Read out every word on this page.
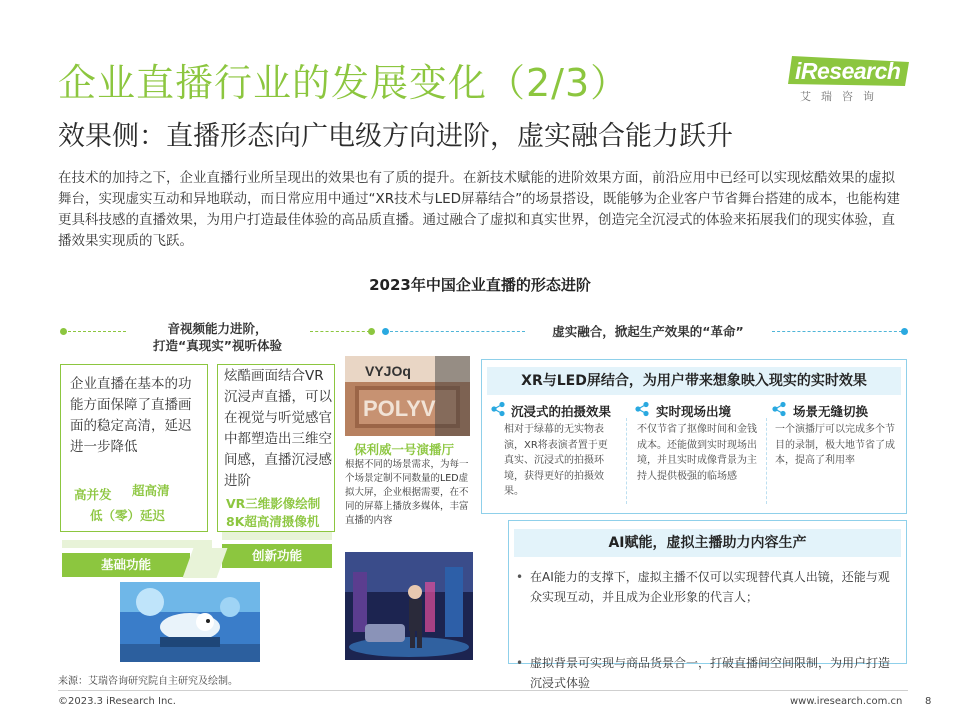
企业直播行业的发展变化（2/3）
效果侧：直播形态向广电级方向进阶，虚实融合能力跃升
iResearch
艾瑞咨询
在技术的加持之下，企业直播行业所呈现出的效果也有了质的提升。在新技术赋能的进阶效果方面，前沿应用中已经可以实现炫酷效果的虚拟舞台，实现虚实互动和异地联动，而日常应用中通过“XR技术与LED屏幕结合”的场景搭设，既能够为企业客户节省舞台搭建的成本，也能构建更具科技感的直播效果，为用户打造最佳体验的高品质直播。通过融合了虚拟和真实世界，创造完全沉浸式的体验来拓展我们的现实体验，直播效果实现质的飞跃。
2023年中国企业直播的形态进阶
音视频能力进阶，
打造“真现实”视听体验
虚实融合，掀起生产效果的“革命”
企业直播在基本的功能方面保障了直播画面的稳定高清，延迟进一步降低
高并发 超高清
低（零）延迟
炫酷画面结合VR沉浸声直播，可以在视觉与听觉感官中都塑造出三维空间感，直播沉浸感进阶
VR三维影像绘制
8K超高清摄像机
基础功能
创新功能
VYJOq
POLYV
保利威一号演播厅
根据不同的场景需求，为每一个场景定制不同数量的LED虚拟大屏，企业根据需要，在不同的屏幕上播放多媒体，丰富直播的内容
XR与LED屏结合，为用户带来想象映入现实的实时效果
沉浸式的拍摄效果
相对于绿幕的无实物表演，XR将表演者置于更真实、沉浸式的拍摄环境，获得更好的拍摄效果。
实时现场出境
不仅节省了抠像时间和金钱成本。还能做到实时现场出境，并且实时成像背景为主持人提供极强的临场感
场景无缝切换
一个演播厅可以完成多个节目的录制，极大地节省了成本，提高了利用率
AI赋能，虚拟主播助力内容生产
• 在AI能力的支撑下，虚拟主播不仅可以实现替代真人出镜，还能与观众实现互动，并且成为企业形象的代言人；
• 虚拟背景可实现与商品货景合一，打破直播间空间限制，为用户打造沉浸式体验
来源：艾瑞咨询研究院自主研究及绘制。
©2023.3 iResearch Inc.	www.iresearch.com.cn 8
